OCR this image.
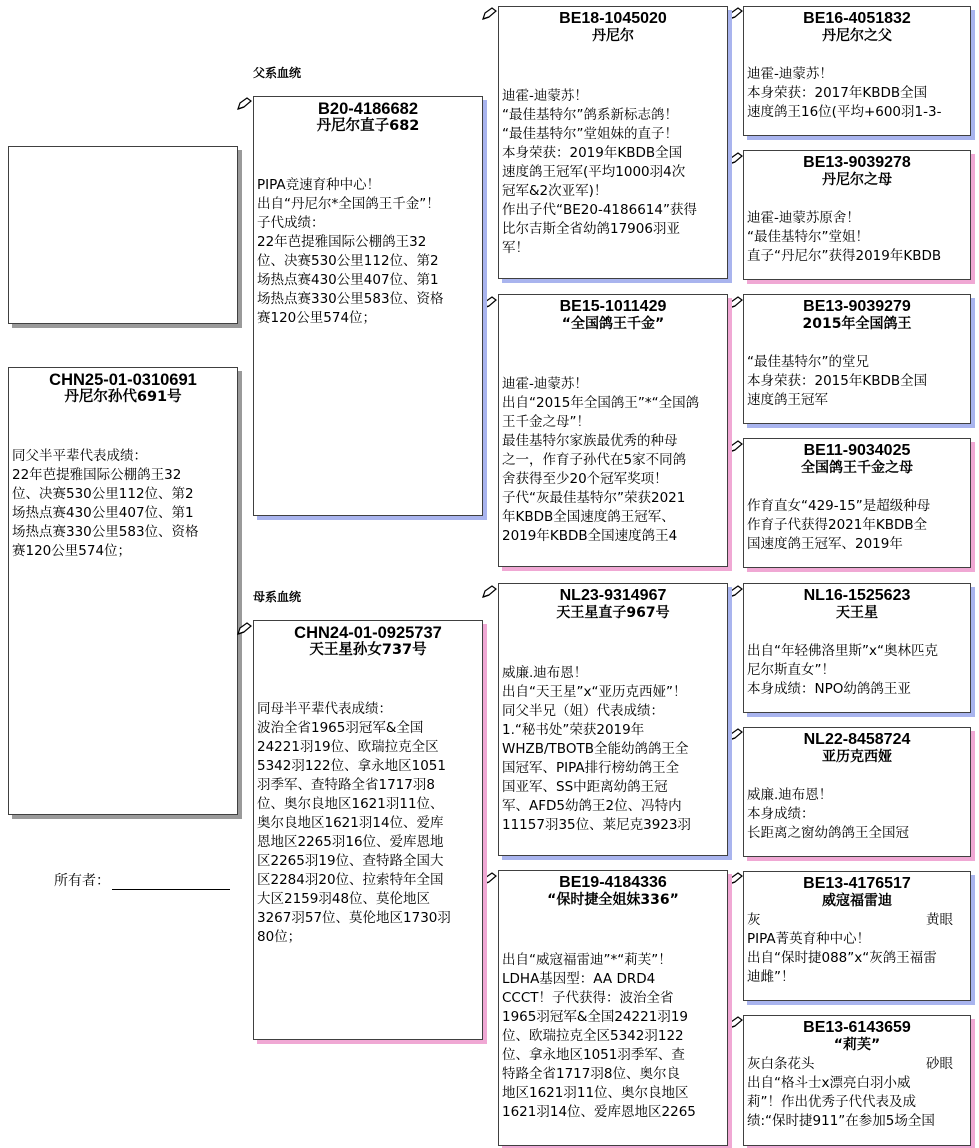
父系血统
母系血统
CHN25-01-0310691
丹尼尔孙代691号
同父半平辈代表成绩：
22年芭提雅国际公棚鸽王32
位、决赛530公里112位、第2
场热点赛430公里407位、第1
场热点赛330公里583位、资格
赛120公里574位；
所有者：
B20-4186682
丹尼尔直子682
PIPA竞速育种中心！
出自“丹尼尔*全国鸽王千金”！
子代成绩：
22年芭提雅国际公棚鸽王32
位、决赛530公里112位、第2
场热点赛430公里407位、第1
场热点赛330公里583位、资格
赛120公里574位；
CHN24-01-0925737
天王星孙女737号
同母半平辈代表成绩：
波治全省1965羽冠军&全国
24221羽19位、欧瑞拉克全区
5342羽122位、拿永地区1051
羽季军、查特路全省1717羽8
位、奥尔良地区1621羽11位、
奥尔良地区1621羽14位、爱库
恩地区2265羽16位、爱库恩地
区2265羽19位、查特路全国大
区2284羽20位、拉索特年全国
大区2159羽48位、莫伦地区
3267羽57位、莫伦地区1730羽
80位；
BE18-1045020
丹尼尔
迪霍-迪蒙苏！
“最佳基特尔”鸽系新标志鸽！
“最佳基特尔”堂姐妹的直子！
本身荣获：2019年KBDB全国
速度鸽王冠军(平均1000羽4次
冠军&2次亚军)！
作出子代“BE20-4186614”获得
比尔吉斯全省幼鸽17906羽亚
军！
BE15-1011429
“全国鸽王千金”
迪霍-迪蒙苏！
出自“2015年全国鸽王”*“全国鸽
王千金之母”！
最佳基特尔家族最优秀的种母
之一，作育子孙代在5家不同鸽
舍获得至少20个冠军奖项！
子代“灰最佳基特尔”荣获2021
年KBDB全国速度鸽王冠军、
2019年KBDB全国速度鸽王4
NL23-9314967
天王星直子967号
威廉.迪布恩！
出自“天王星”x“亚历克西娅”！
同父半兄（姐）代表成绩：
1.“秘书处”荣获2019年
WHZB/TBOTB全能幼鸽鸽王全
国冠军、PIPA排行榜幼鸽王全
国亚军、SS中距离幼鸽王冠
军、AFD5幼鸽王2位、冯特内
11157羽35位、莱尼克3923羽
BE19-4184336
“保时捷全姐妹336”
出自“威寇福雷迪”*“莉芙”！
LDHA基因型：AA DRD4
CCCT！子代获得：波治全省
1965羽冠军&全国24221羽19
位、欧瑞拉克全区5342羽122
位、拿永地区1051羽季军、查
特路全省1717羽8位、奥尔良
地区1621羽11位、奥尔良地区
1621羽14位、爱库恩地区2265
BE16-4051832
丹尼尔之父
迪霍-迪蒙苏！
本身荣获：2017年KBDB全国
速度鸽王16位(平均+600羽1-3-
BE13-9039278
丹尼尔之母
迪霍-迪蒙苏原舍！
“最佳基特尔”堂姐！
直子“丹尼尔”获得2019年KBDB
BE13-9039279
2015年全国鸽王
“最佳基特尔”的堂兄
本身荣获：2015年KBDB全国
速度鸽王冠军
BE11-9034025
全国鸽王千金之母
作育直女“429-15”是超级种母
作育子代获得2021年KBDB全
国速度鸽王冠军、2019年
NL16-1525623
天王星
出自“年轻佛洛里斯”x“奥林匹克
尼尔斯直女”！
本身成绩：NPO幼鸽鸽王亚
NL22-8458724
亚历克西娅
威廉.迪布恩！
本身成绩：
长距离之窗幼鸽鸽王全国冠
BE13-4176517
威寇福雷迪
灰	黄眼
PIPA菁英育种中心！
出自“保时捷088”x“灰鸽王福雷
迪雌”！
BE13-6143659
“莉芙”
灰白条花头	砂眼
出自“格斗士x漂亮白羽小威
莉”！作出优秀子代代表及成
绩:“保时捷911”在参加5场全国
